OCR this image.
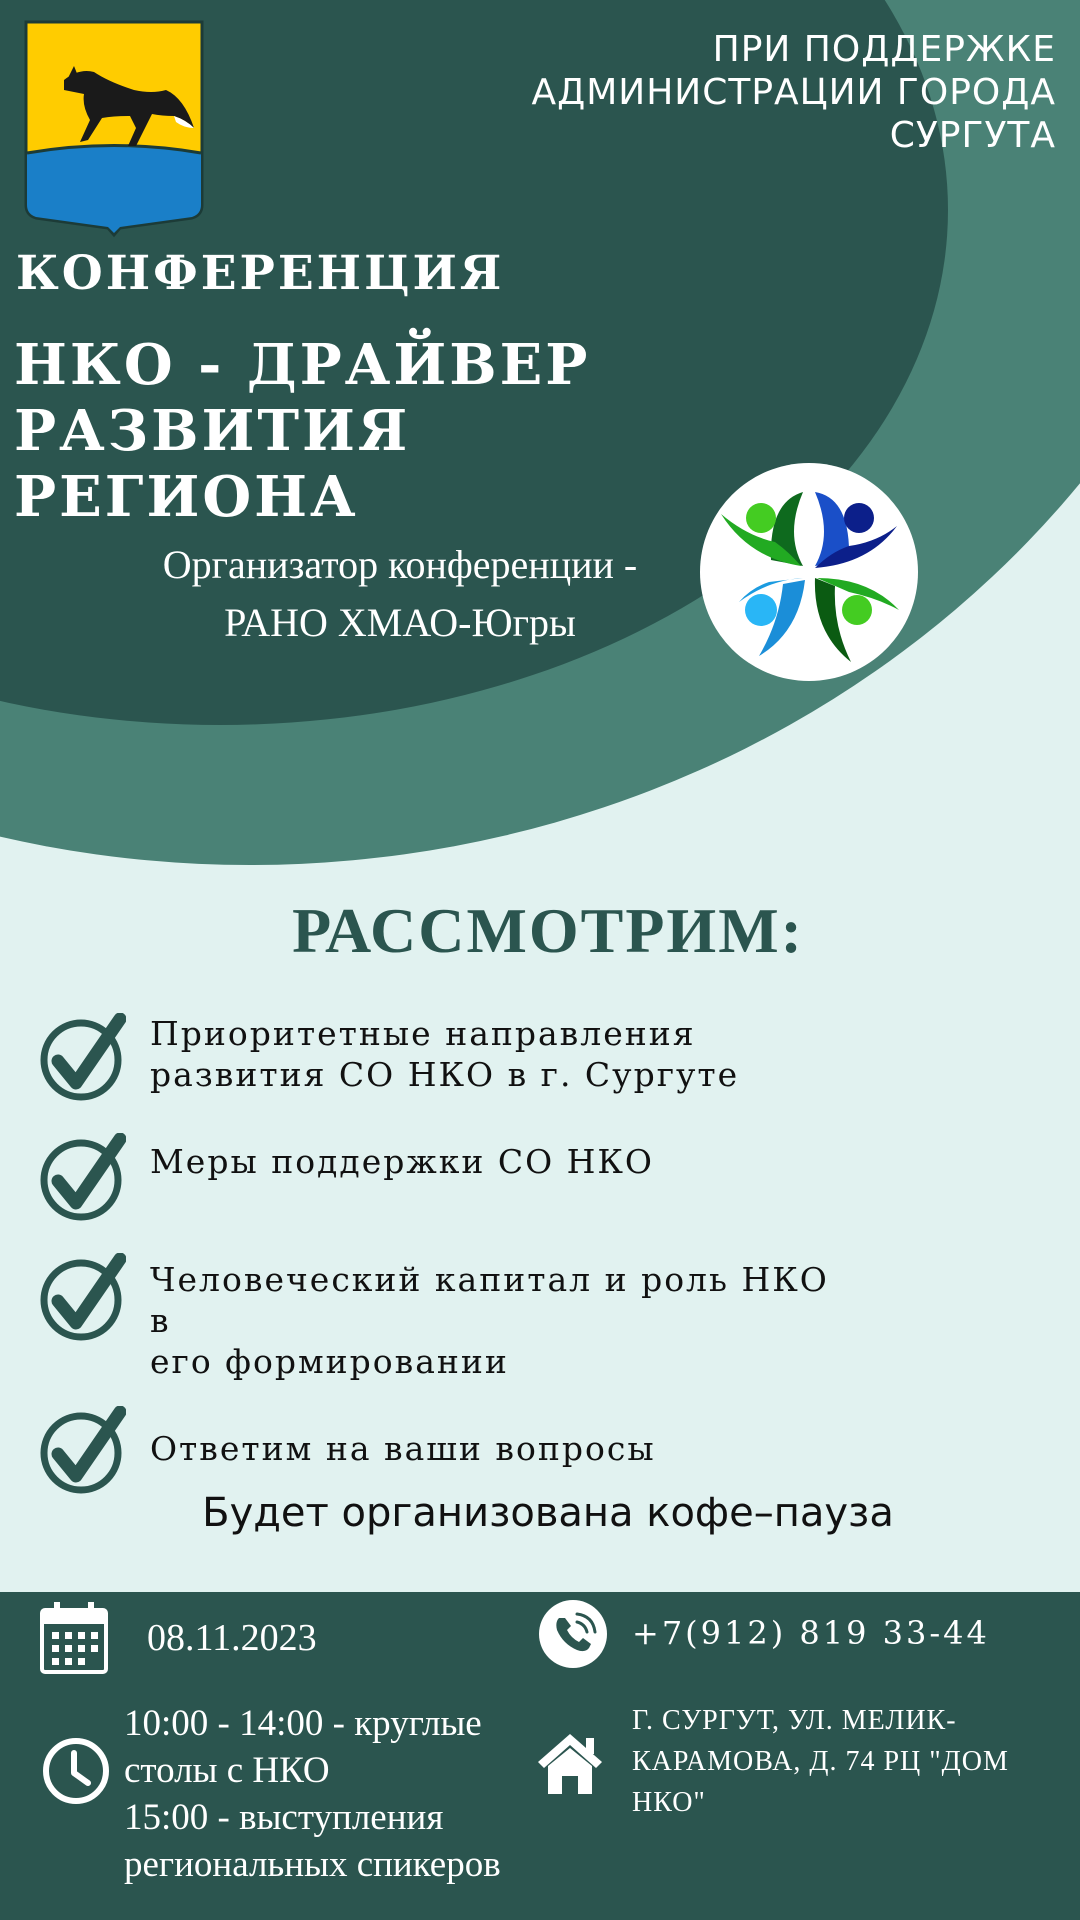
ПРИ ПОДДЕРЖКЕ
АДМИНИСТРАЦИИ ГОРОДА
СУРГУТА
КОНФЕРЕНЦИЯ
НКО - ДРАЙВЕР
РАЗВИТИЯ РЕГИОНА
Организатор конференции -
РАНО ХМАО-Югры
РАССМОТРИМ:
Приоритетные направления
развития СО НКО в г. Сургуте
Меры поддержки СО НКО
Человеческий капитал и роль НКО в
его формировании
Ответим на ваши вопросы
Будет организована кофе–пауза
08.11.2023	+7(912) 819 33-44
10:00 - 14:00 - круглые
столы с НКО
15:00 - выступления
региональных спикеров
Г. СУРГУТ, УЛ. МЕЛИК-КАРАМОВА, Д. 74 РЦ "ДОМ НКО"
